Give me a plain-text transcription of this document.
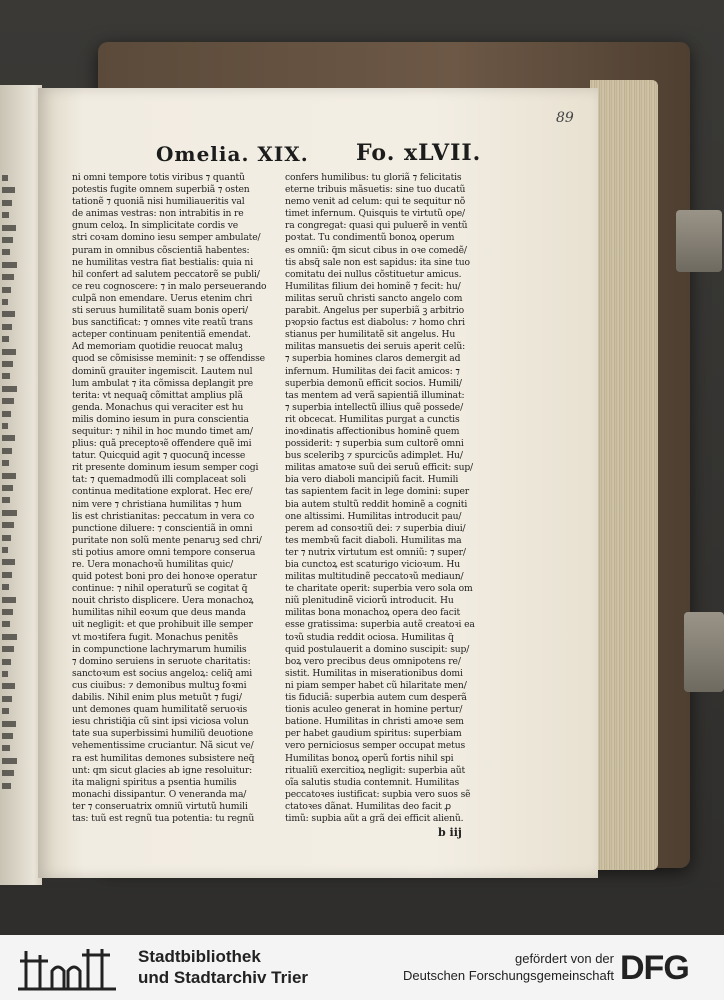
89
Omelia. XIX. Fo. xLVII.
ni omni tempore totis viribus ⁊ quantũ
potestis fugite omnem superbiã ⁊ osten
tationẽ ⁊ quoniã nisi humiliaueritis val
de animas vestras: non intrabitis in re
gnum celoꝝ. In simplicitate cordis ve
stri coꝛam domino iesu semper ambulate/
puram in omnibus cõscientiã habentes:
ne humilitas vestra fiat bestialis: quia ni
hil confert ad salutem peccatorẽ se publi/
ce reu cognoscere: ⁊ in malo perseuerando
culpã non emendare. Uerus etenim chri
sti seruus humilitatẽ suam bonis operi/
bus sanctificat: ⁊ omnes vite reatũ trans
acteper continuam penitentiã emendat.
Ad memoriam quotidie reuocat maluꝫ
quod se cõmisisse meminit: ⁊ se offendisse
dominũ grauiter ingemiscit. Lautem nul
lum ambulat ⁊ ita cõmissa deplangit pre
terita: vt nequaq̃ cõmittat amplius plã
genda. Monachus qui veraciter est hu
milis domino iesum in pura conscientia
sequitur: ⁊ nihil in hoc mundo timet am/
plius: quã preceptoꝛẽ offendere quẽ imi
tatur. Quicquid agit ⁊ quocunq̃ incesse
rit presente dominum iesum semper cogi
tat: ⁊ quemadmodũ illi complaceat soli
continua meditatione explorat. Hec ere/
nim vere ⁊ christiana humilitas ⁊ hum
lis est christianitas: peccatum in vera co
punctione diluere: ⁊ conscientiã in omni
puritate non solũ mente penaruꝫ sed chri/
sti potius amore omni tempore conserua
re. Uera monachoꝛũ humilitas quic/
quid potest boni pro dei honoꝛe operatur
continue: ⁊ nihil operaturũ se cogitat q̃
nouit christo displicere. Uera monachoꝝ
humilitas nihil eoꝛum que deus manda
uit negligit: et que prohibuit ille semper
vt moꝛtifera fugit. Monachus penitẽs
in compunctione lachrymarum humilis
⁊ domino seruiens in seruote charitatis:
sanctoꝛum est socius angeloꝝ: celiq̃ ami
cus ciuibus: ⁊ demonibus multuꝫ foꝛmi
dabilis. Nihil enim plus metuũt ⁊ fugi/
unt demones quam humilitatẽ seruoꝛis
iesu christiq̃ia cũ sint ipsi viciosa volun
tate sua superbissimi humiliũ deuotione
vehementissime cruciantur. Nã sicut ve/
ra est humilitas demones subsistere neq̃
unt: qm sicut glacies ab igne resoluitur:
ita maligni spiritus a psentia humilis
monachi dissipantur. O veneranda ma/
ter ⁊ conseruatrix omniũ virtutũ humili
tas: tuũ est regnũ tua potentia: tu regnũ
confers humilibus: tu gloriã ⁊ felicitatis
eterne tribuis mãsuetis: sine tuo ducatũ
nemo venit ad celum: qui te sequitur nõ
timet infernum. Quisquis te virtutũ ope/
ra congregat: quasi qui puluerẽ in ventũ
poꝛtat. Tu condimentũ bonoꝝ operum
es omniũ: q̃m sicut cibus in oꝛe comedẽ/
tis absq̃ sale non est sapidus: ita sine tuo
comitatu dei nullus cõstituetur amicus.
Humilitas filium dei hominẽ ⁊ fecit: hu/
militas seruũ christi sancto angelo com
parabit. Angelus per superbiã ꝫ arbitrio
pꝛopꝛio factus est diabolus: ⁊ homo chri
stianus per humilitatẽ sit angelus. Hu
militas mansuetis dei seruis aperit celũ:
⁊ superbia homines claros demergit ad
infernum. Humilitas dei facit amicos: ⁊
superbia demonũ efficit socios. Humili/
tas mentem ad verã sapientiã illuminat:
⁊ superbia intellectũ illius quẽ possede/
rit obcecat. Humilitas purgat a cunctis
inoꝛdinatis affectionibus hominẽ quem
possiderit: ⁊ superbia sum cultorẽ omni
bus sceleribꝫ ⁊ spurcicũs adimplet. Hu/
militas amatoꝛe suũ dei seruũ efficit: sup/
bia vero diaboli mancipiũ facit. Humili
tas sapientem facit in lege domini: super
bia autem stultũ reddit hominẽ a cogniti
one altissimi. Humilitas introducit pau/
perem ad consoꝛtiũ dei: ⁊ superbia diui/
tes membꝛũ facit diaboli. Humilitas ma
ter ⁊ nutrix virtutum est omniũ: ⁊ super/
bia cunctoꝝ est scaturigo vicioꝛum. Hu
militas multitudinẽ peccatoꝛũ mediaun/
te charitate operit: superbia vero sola om
niũ plenitudinẽ viciorũ introducit. Hu
militas bona monachoꝝ opera deo facit
esse gratissima: superbia autẽ creatoꝛi ea
toꝛũ studia reddit ociosa. Humilitas q̃
quid postulauerit a domino suscipit: sup/
boꝝ vero precibus deus omnipotens re/
sistit. Humilitas in miserationibus domi
ni piam semper habet cũ hilaritate men/
tis fiduciã: superbia autem cum desperã
tionis aculeo generat in homine pertur/
batione. Humilitas in christi amoꝛe sem
per habet gaudium spiritus: superbiam
vero perniciosus semper occupat metus
Humilitas bonoꝝ operũ fortis nihil spi
ritualiũ exercitioꝝ negligit: superbia aũt
oĩa salutis studia contemnit. Humilitas
peccatoꝛes iustificat: supbia vero suos sẽ
ctatoꝛes dãnat. Humilitas deo facit ꝓ
timũ: supbia aũt a grã dei efficit alienũ.
b iij
Stadtbibliothek
und Stadtarchiv Trier
gefördert von der
Deutschen Forschungsgemeinschaft DFG
